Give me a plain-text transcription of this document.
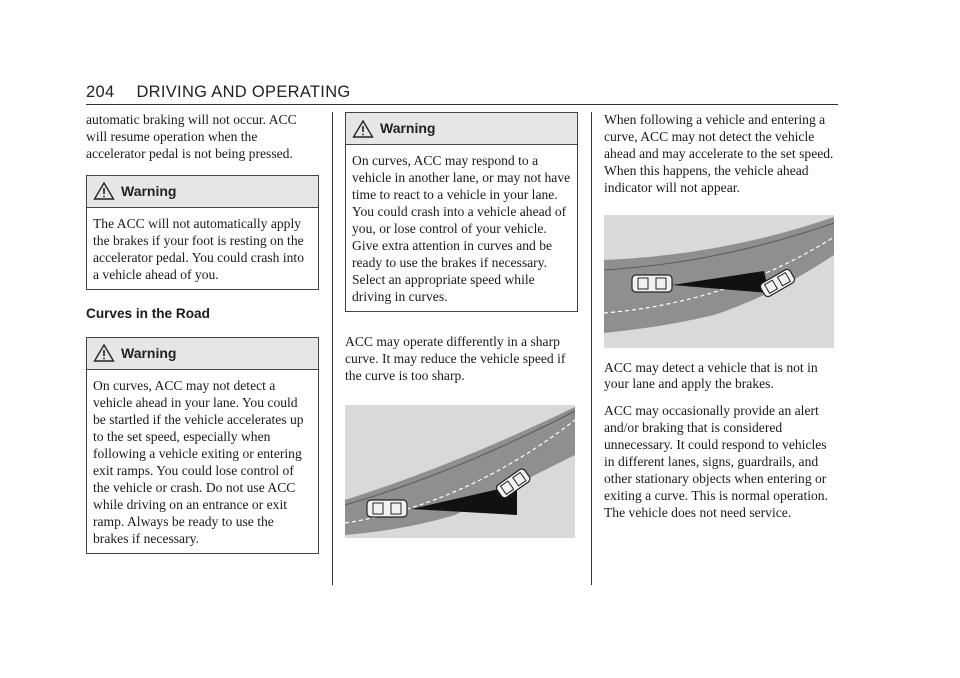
204 DRIVING AND OPERATING

automatic braking will not occur. ACC will resume operation when the accelerator pedal is not being pressed.

Warning
The ACC will not automatically apply the brakes if your foot is resting on the accelerator pedal. You could crash into a vehicle ahead of you.
Curves in the Road
Warning
On curves, ACC may not detect a vehicle ahead in your lane. You could be startled if the vehicle accelerates up to the set speed, especially when following a vehicle exiting or entering exit ramps. You could lose control of the vehicle or crash. Do not use ACC while driving on an entrance or exit ramp. Always be ready to use the brakes if necessary.
Warning
On curves, ACC may respond to a vehicle in another lane, or may not have time to react to a vehicle in your lane. You could crash into a vehicle ahead of you, or lose control of your vehicle. Give extra attention in curves and be ready to use the brakes if necessary. Select an appropriate speed while driving in curves.

ACC may operate differently in a sharp curve. It may reduce the vehicle speed if the curve is too sharp.

When following a vehicle and entering a curve, ACC may not detect the vehicle ahead and may accelerate to the set speed. When this happens, the vehicle ahead indicator will not appear.

ACC may detect a vehicle that is not in your lane and apply the brakes.

ACC may occasionally provide an alert and/or braking that is considered unnecessary. It could respond to vehicles in different lanes, signs, guardrails, and other stationary objects when entering or exiting a curve. This is normal operation. The vehicle does not need service.
